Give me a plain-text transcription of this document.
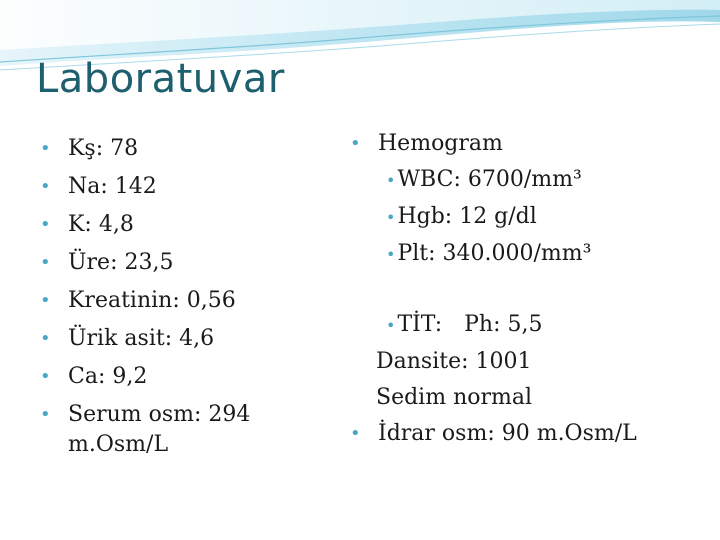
Laboratuvar
• Kş: 78
• Na: 142
• K: 4,8
• Üre: 23,5
• Kreatinin: 0,56
• Ürik asit: 4,6
• Ca: 9,2
• Serum osm: 294 m.Osm/L
• Hemogram
•WBC: 6700/mm³
•Hgb: 12 g/dl
•Plt: 340.000/mm³
•TİT: Ph: 5,5
Dansite: 1001
Sedim normal
• İdrar osm: 90 m.Osm/L
